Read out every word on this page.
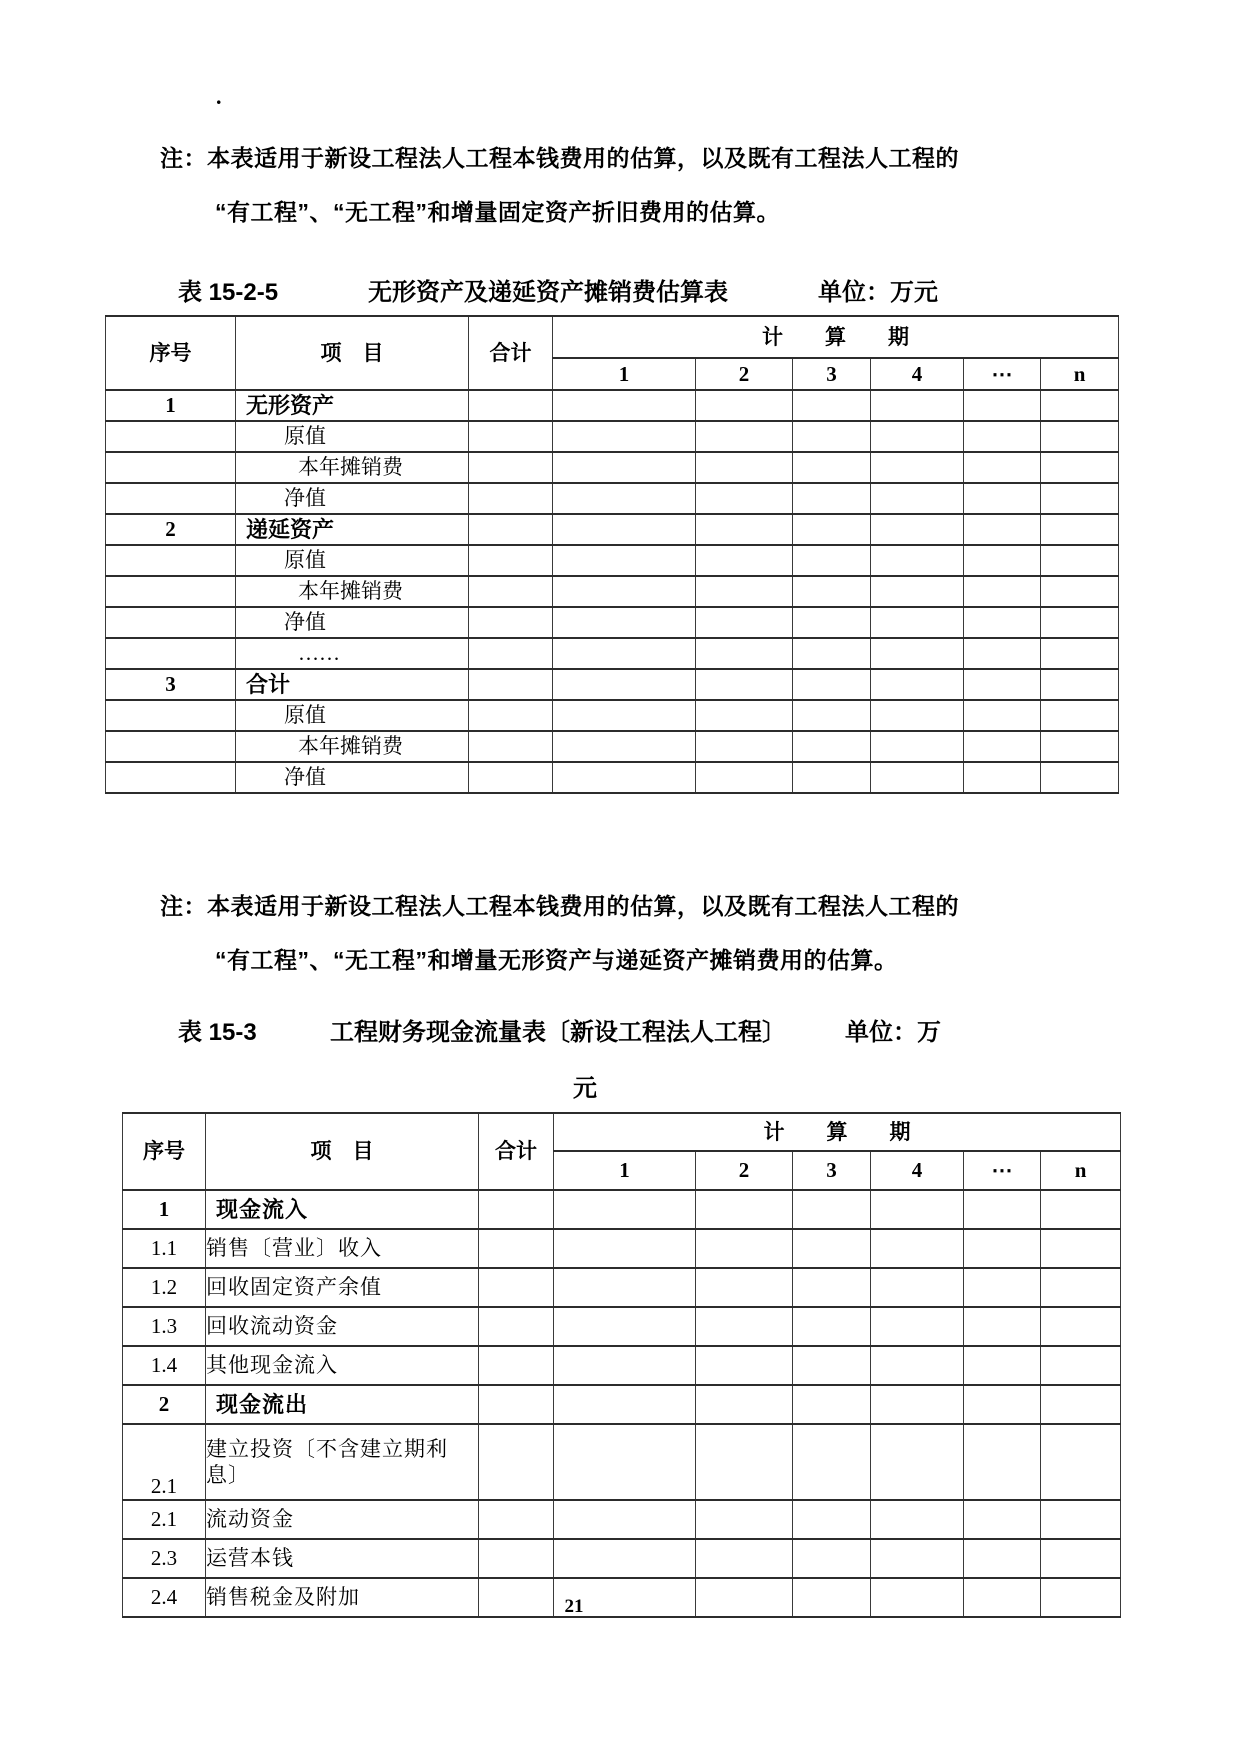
.
注：本表适用于新设工程法人工程本钱费用的估算，以及既有工程法人工程的
“有工程”、“无工程”和增量固定资产折旧费用的估算。
表 15-2-5	无形资产及递延资产摊销费估算表	单位：万元
序号	项　目	合计	计　　算　　期					
			1	2	3	4	⋯	n
1	无形资产							
	原值							
	本年摊销费							
	净值							
2	递延资产							
	原值							
	本年摊销费							
	净值							
	……							
3	合计							
	原值							
	本年摊销费							
	净值							
注：本表适用于新设工程法人工程本钱费用的估算，以及既有工程法人工程的
“有工程”、“无工程”和增量无形资产与递延资产摊销费用的估算。
表 15-3	工程财务现金流量表〔新设工程法人工程〕 单位：万
元
序号	项　目	合计	计　　算　　期					
			1	2	3	4	⋯	n
1	现金流入							
1.1	销售〔营业〕收入							
1.2	回收固定资产余值							
1.3	回收流动资金							
1.4	其他现金流入							
2	现金流出							
2.1	建立投资〔不含建立期利息〕							
2.1	流动资金							
2.3	运营本钱							
2.4	销售税金及附加								21
